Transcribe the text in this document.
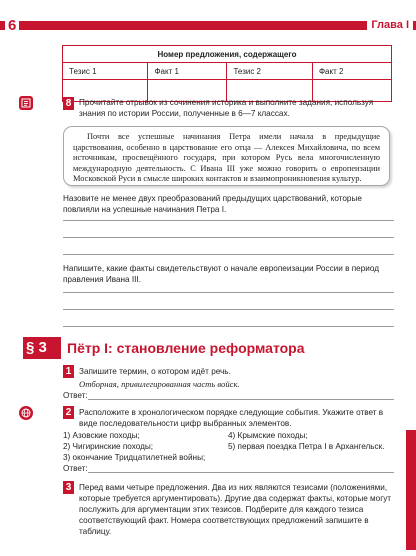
6	Глава I
Номер предложения, содержащего			
Тезис 1	Факт 1	Тезис 2	Факт 2

8 Прочитайте отрывок из сочинения историка и выполните задания, используя знания по истории России, полученные в 6—7 классах.
Почти все успешные начинания Петра имели начала в предыдущие царствования, особенно в царствование его отца — Алексея Михайловича, по всем источникам, просвещённого государя, при котором Русь вела многочисленную международную деятельность. С Ивана III уже можно говорить о европеизации Московской Руси в смысле широких контактов и взаимопроникновения культур.
Назовите не менее двух преобразований предыдущих царствований, которые повлияли на успешные начинания Петра I.
Напишите, какие факты свидетельствуют о начале европеизации России в период правления Ивана III.
§ 3	Пётр I: становление реформатора
1 Запишите термин, о котором идёт речь.
Отборная, привилегированная часть войск.
Ответ:
2 Расположите в хронологическом порядке следующие события. Укажите ответ в виде последовательности цифр выбранных элементов.
1) Азовские походы;
2) Чигиринские походы;
3) окончание Тридцатилетней войны;
4) Крымские походы;
5) первая поездка Петра I в Архангельск.
Ответ:
3 Перед вами четыре предложения. Два из них являются тезисами (положениями, которые требуется аргументировать). Другие два содержат факты, которые могут послужить для аргументации этих тезисов. Подберите для каждого тезиса соответствующий факт. Номера соответствующих предложений запишите в таблицу.
